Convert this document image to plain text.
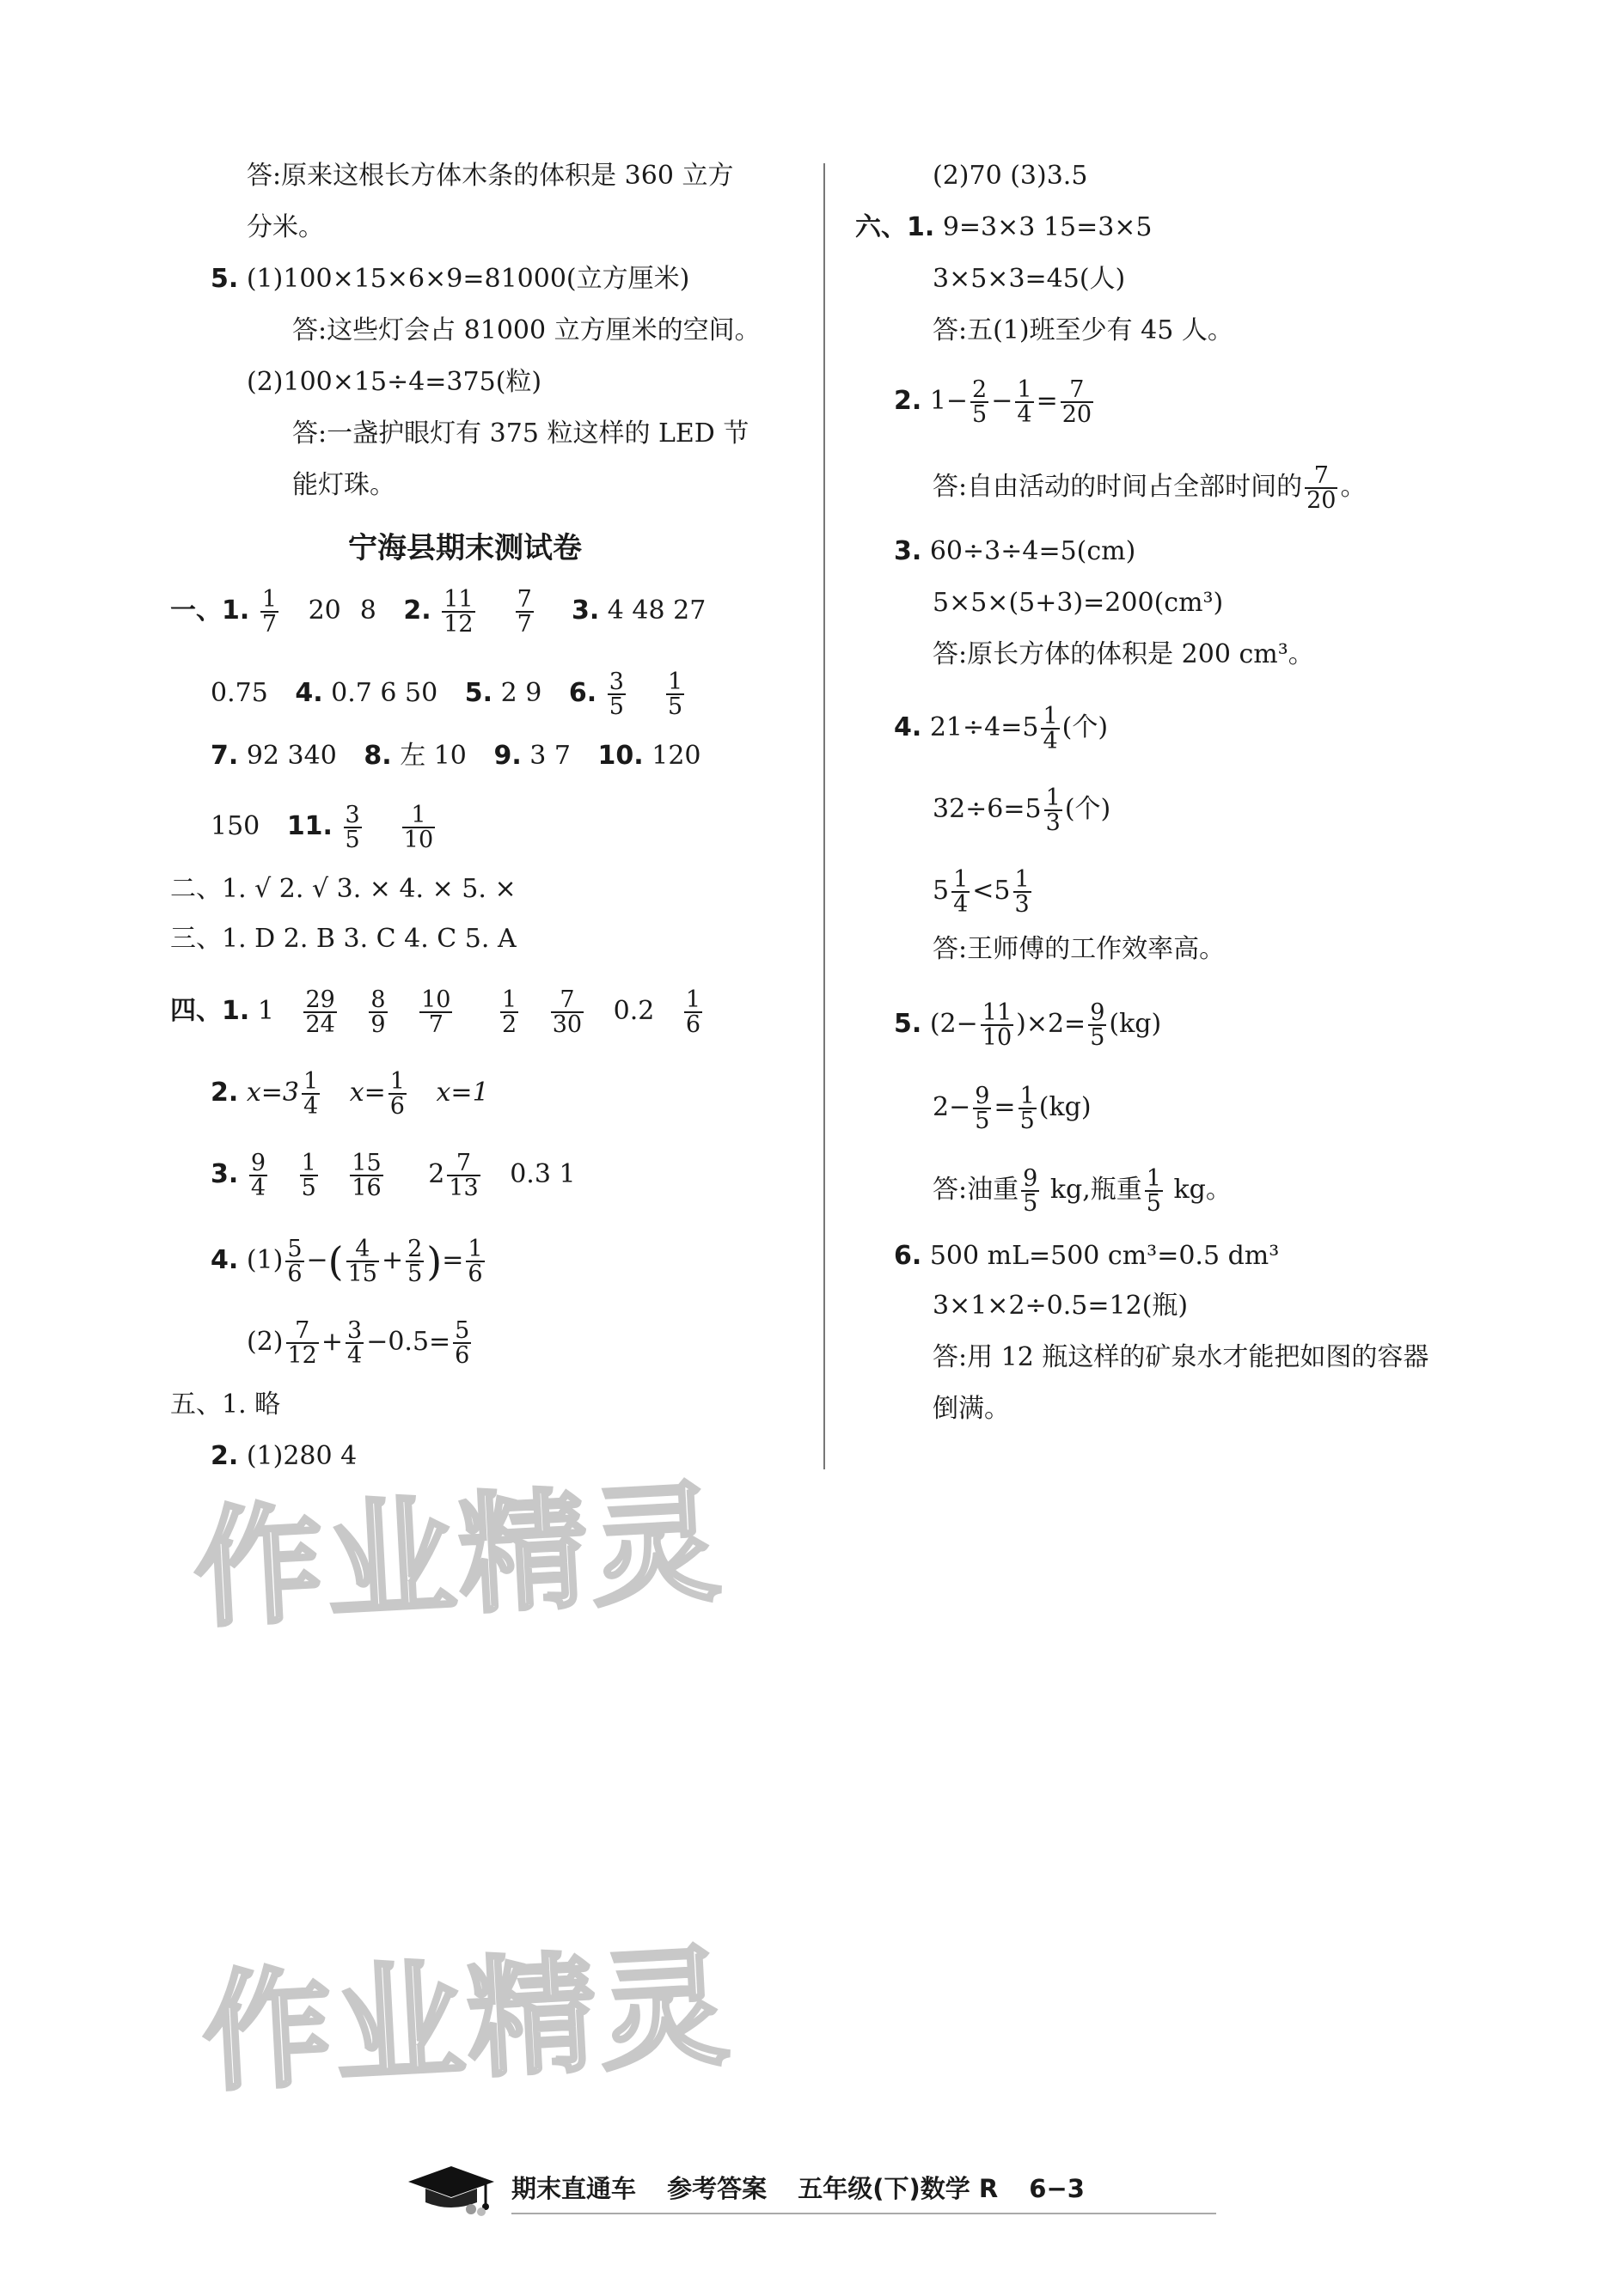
答:原来这根长方体木条的体积是 360 立方
分米。
5. (1)100×15×6×9=81000(立方厘米)
答:这些灯会占 81000 立方厘米的空间。
(2)100×15÷4=375(粒)
答:一盏护眼灯有 375 粒这样的 LED 节
能灯珠。
宁海县期末测试卷
一、1. $\frac{1}{7} 20$ 8 2. $\frac{11}{12}$
$\frac{7}{7} 3$. 4 48 27
0.75 4. 0.7 6 50 5. 2 9 6. $\frac{3}{5}$
$\frac{1}{5}$
7. 92 340 8. 左 10 9. 3 7 10. 120
150 11. $\frac{3}{5}$
$\frac{1}{10}$
二、1. √ 2. √ 3. × 4. × 5. ×
三、1. D 2. B 3. C 4. C 5. A
四、1. $1 \frac{29}{24}$
$\frac{8}{9}$
$\frac{10}{7}$
$\frac{1}{2}$
$\frac{7}{30} 0.2 \frac{1}{6}$
2. $x=3 \frac{1}{4} x= \frac{1}{6} x=1$
3. $\frac{9}{4}$
$\frac{1}{5}$
$\frac{15}{16} 2 \frac{7}{13} 0.3$ 1
4. $(1) \frac{5}{6}$ −( $\frac{4}{15} + \frac{2}{5}$ )= $\frac{1}{6}$
$(2) \frac{7}{12} + \frac{3}{4} -0.5= \frac{5}{6}$
五、1. 略
2. (1)280 4
(2)70 (3)3.5
六、1. 9=3×3 15=3×5
3×5×3=45(人)
答:五(1)班至少有 45 人。
2. $1- \frac{2}{5} - \frac{1}{4} = \frac{7}{20}$
答:自由活动的时间占全部时间的 $\frac{7}{20}$ 。
3. 60÷3÷4=5(cm)
5×5×(5+3)=200(cm³)
答:原长方体的体积是 200 cm³。
4. $21\div 4=5 \frac{1}{4}$ (个)
$32\div 6=5 \frac{1}{3}$ (个)
$5 \frac{1}{4} <5 \frac{1}{3}$
答:王师傅的工作效率高。
5. $(2- \frac{11}{10} )\times 2= \frac{9}{5} (kg)$
$2- \frac{9}{5} = \frac{1}{5} (kg)$
答:油重 $\frac{9}{5}$ kg,瓶重 $\frac{1}{5}$ kg。
6. 500 mL=500 cm³=0.5 dm³
3×1×2÷0.5=12(瓶)
答:用 12 瓶这样的矿泉水才能把如图的容器
倒满。
作业精灵
作业精灵
期末直通车 参考答案 五年级(下)数学 R 6−3
